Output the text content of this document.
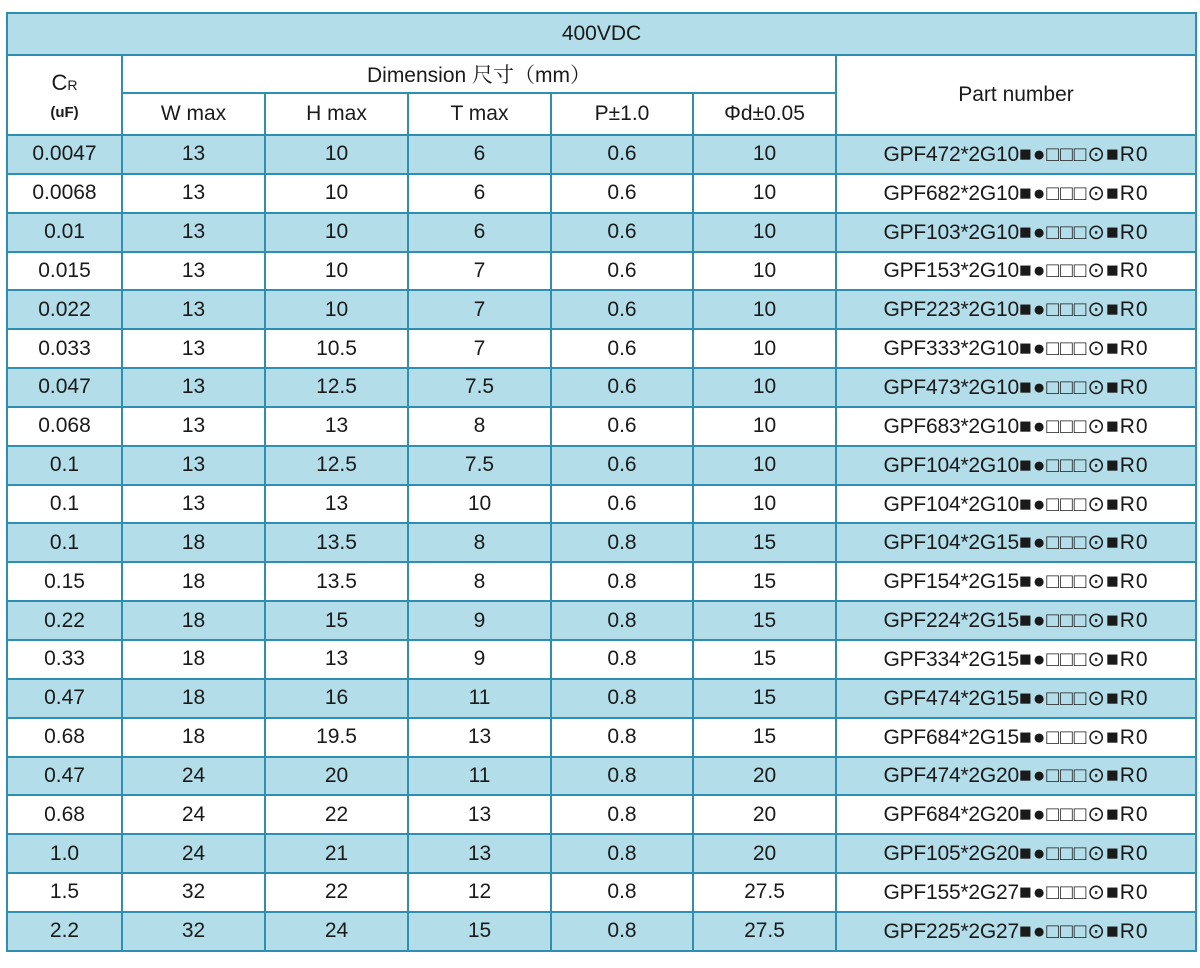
400VDC						
CR
(uF)	Dimension 尺寸（mm）					Part number
	W max	H max	T max	P±1.0	Φd±0.05	
0.0047	13	10	6	0.6	10	GPF472*2G10■●□□□⊙■R0
0.0068	13	10	6	0.6	10	GPF682*2G10■●□□□⊙■R0
0.01	13	10	6	0.6	10	GPF103*2G10■●□□□⊙■R0
0.015	13	10	7	0.6	10	GPF153*2G10■●□□□⊙■R0
0.022	13	10	7	0.6	10	GPF223*2G10■●□□□⊙■R0
0.033	13	10.5	7	0.6	10	GPF333*2G10■●□□□⊙■R0
0.047	13	12.5	7.5	0.6	10	GPF473*2G10■●□□□⊙■R0
0.068	13	13	8	0.6	10	GPF683*2G10■●□□□⊙■R0
0.1	13	12.5	7.5	0.6	10	GPF104*2G10■●□□□⊙■R0
0.1	13	13	10	0.6	10	GPF104*2G10■●□□□⊙■R0
0.1	18	13.5	8	0.8	15	GPF104*2G15■●□□□⊙■R0
0.15	18	13.5	8	0.8	15	GPF154*2G15■●□□□⊙■R0
0.22	18	15	9	0.8	15	GPF224*2G15■●□□□⊙■R0
0.33	18	13	9	0.8	15	GPF334*2G15■●□□□⊙■R0
0.47	18	16	11	0.8	15	GPF474*2G15■●□□□⊙■R0
0.68	18	19.5	13	0.8	15	GPF684*2G15■●□□□⊙■R0
0.47	24	20	11	0.8	20	GPF474*2G20■●□□□⊙■R0
0.68	24	22	13	0.8	20	GPF684*2G20■●□□□⊙■R0
1.0	24	21	13	0.8	20	GPF105*2G20■●□□□⊙■R0
1.5	32	22	12	0.8	27.5	GPF155*2G27■●□□□⊙■R0
2.2	32	24	15	0.8	27.5	GPF225*2G27■●□□□⊙■R0
